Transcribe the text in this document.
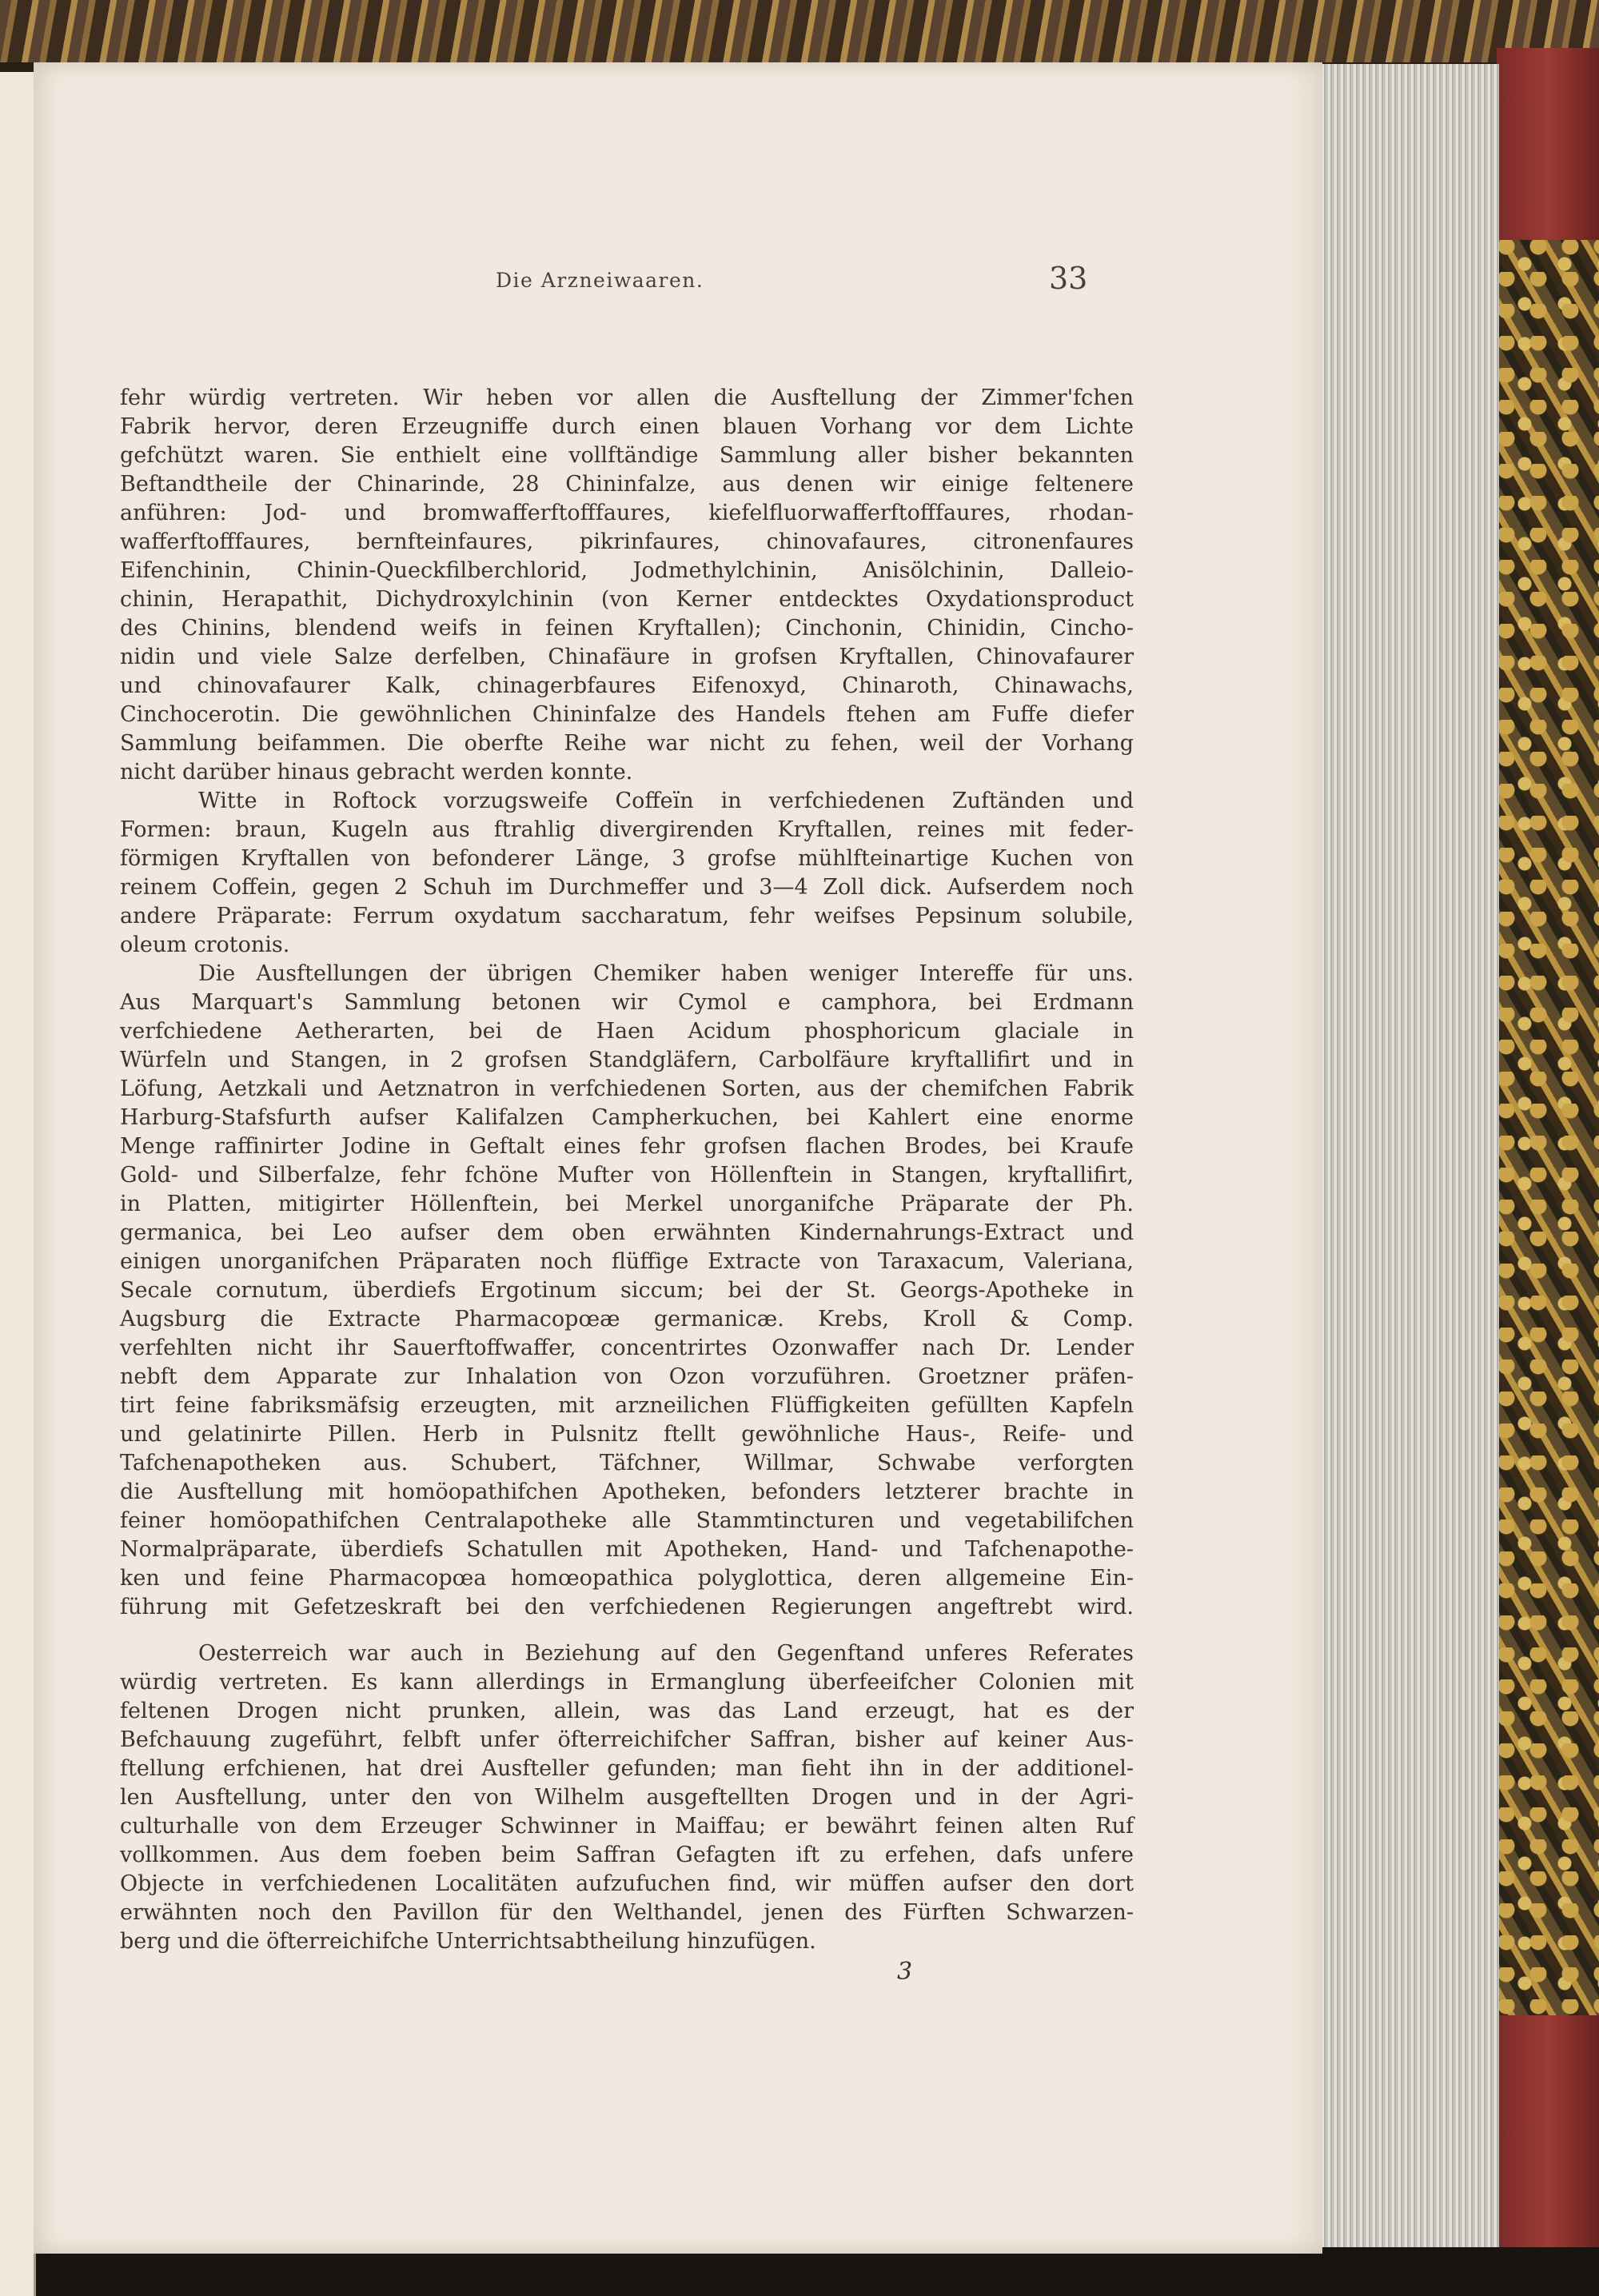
Die Arzneiwaaren.	33
fehr würdig vertreten. Wir heben vor allen die Ausftellung der Zimmer'fchen
Fabrik hervor, deren Erzeugniffe durch einen blauen Vorhang vor dem Lichte
gefchützt waren. Sie enthielt eine vollftändige Sammlung aller bisher bekannten
Beftandtheile der Chinarinde, 28 Chininfalze, aus denen wir einige feltenere
anführen: Jod- und bromwafferftofffaures, kiefelfluorwafferftofffaures, rhodan-
wafferftofffaures, bernfteinfaures, pikrinfaures, chinovafaures, citronenfaures
Eifenchinin, Chinin-Queckfilberchlorid, Jodmethylchinin, Anisölchinin, Dalleio-
chinin, Herapathit, Dichydroxylchinin (von Kerner entdecktes Oxydationsproduct
des Chinins, blendend weifs in feinen Kryftallen); Cinchonin, Chinidin, Cincho-
nidin und viele Salze derfelben, Chinafäure in grofsen Kryftallen, Chinovafaurer
und chinovafaurer Kalk, chinagerbfaures Eifenoxyd, Chinaroth, Chinawachs,
Cinchocerotin. Die gewöhnlichen Chininfalze des Handels ftehen am Fuffe diefer
Sammlung beifammen. Die oberfte Reihe war nicht zu fehen, weil der Vorhang
nicht darüber hinaus gebracht werden konnte.
Witte in Roftock vorzugsweife Coffeïn in verfchiedenen Zuftänden und
Formen: braun, Kugeln aus ftrahlig divergirenden Kryftallen, reines mit feder-
förmigen Kryftallen von befonderer Länge, 3 grofse mühlfteinartige Kuchen von
reinem Coffein, gegen 2 Schuh im Durchmeffer und 3—4 Zoll dick. Aufserdem noch
andere Präparate: Ferrum oxydatum saccharatum, fehr weifses Pepsinum solubile,
oleum crotonis.
Die Ausftellungen der übrigen Chemiker haben weniger Intereffe für uns.
Aus Marquart's Sammlung betonen wir Cymol e camphora, bei Erdmann
verfchiedene Aetherarten, bei de Haen Acidum phosphoricum glaciale in
Würfeln und Stangen, in 2 grofsen Standgläfern, Carbolfäure kryftallifirt und in
Löfung, Aetzkali und Aetznatron in verfchiedenen Sorten, aus der chemifchen Fabrik
Harburg-Stafsfurth aufser Kalifalzen Campherkuchen, bei Kahlert eine enorme
Menge raffinirter Jodine in Geftalt eines fehr grofsen flachen Brodes, bei Kraufe
Gold- und Silberfalze, fehr fchöne Mufter von Höllenftein in Stangen, kryftallifirt,
in Platten, mitigirter Höllenftein, bei Merkel unorganifche Präparate der Ph.
germanica, bei Leo aufser dem oben erwähnten Kindernahrungs-Extract und
einigen unorganifchen Präparaten noch flüffige Extracte von Taraxacum, Valeriana,
Secale cornutum, überdiefs Ergotinum siccum; bei der St. Georgs-Apotheke in
Augsburg die Extracte Pharmacopœæ germanicæ. Krebs, Kroll & Comp.
verfehlten nicht ihr Sauerftoffwaffer, concentrirtes Ozonwaffer nach Dr. Lender
nebft dem Apparate zur Inhalation von Ozon vorzuführen. Groetzner präfen-
tirt feine fabriksmäfsig erzeugten, mit arzneilichen Flüffigkeiten gefüllten Kapfeln
und gelatinirte Pillen. Herb in Pulsnitz ftellt gewöhnliche Haus-, Reife- und
Tafchenapotheken aus. Schubert, Täfchner, Willmar, Schwabe verforgten
die Ausftellung mit homöopathifchen Apotheken, befonders letzterer brachte in
feiner homöopathifchen Centralapotheke alle Stammtincturen und vegetabilifchen
Normalpräparate, überdiefs Schatullen mit Apotheken, Hand- und Tafchenapothe-
ken und feine Pharmacopœa homœopathica polyglottica, deren allgemeine Ein-
führung mit Gefetzeskraft bei den verfchiedenen Regierungen angeftrebt wird.
Oesterreich war auch in Beziehung auf den Gegenftand unferes Referates
würdig vertreten. Es kann allerdings in Ermanglung überfeeifcher Colonien mit
feltenen Drogen nicht prunken, allein, was das Land erzeugt, hat es der
Befchauung zugeführt, felbft unfer öfterreichifcher Saffran, bisher auf keiner Aus-
ftellung erfchienen, hat drei Ausfteller gefunden; man fieht ihn in der additionel-
len Ausftellung, unter den von Wilhelm ausgeftellten Drogen und in der Agri-
culturhalle von dem Erzeuger Schwinner in Maiffau; er bewährt feinen alten Ruf
vollkommen. Aus dem foeben beim Saffran Gefagten ift zu erfehen, dafs unfere
Objecte in verfchiedenen Localitäten aufzufuchen find, wir müffen aufser den dort
erwähnten noch den Pavillon für den Welthandel, jenen des Fürften Schwarzen-
berg und die öfterreichifche Unterrichtsabtheilung hinzufügen.
3
